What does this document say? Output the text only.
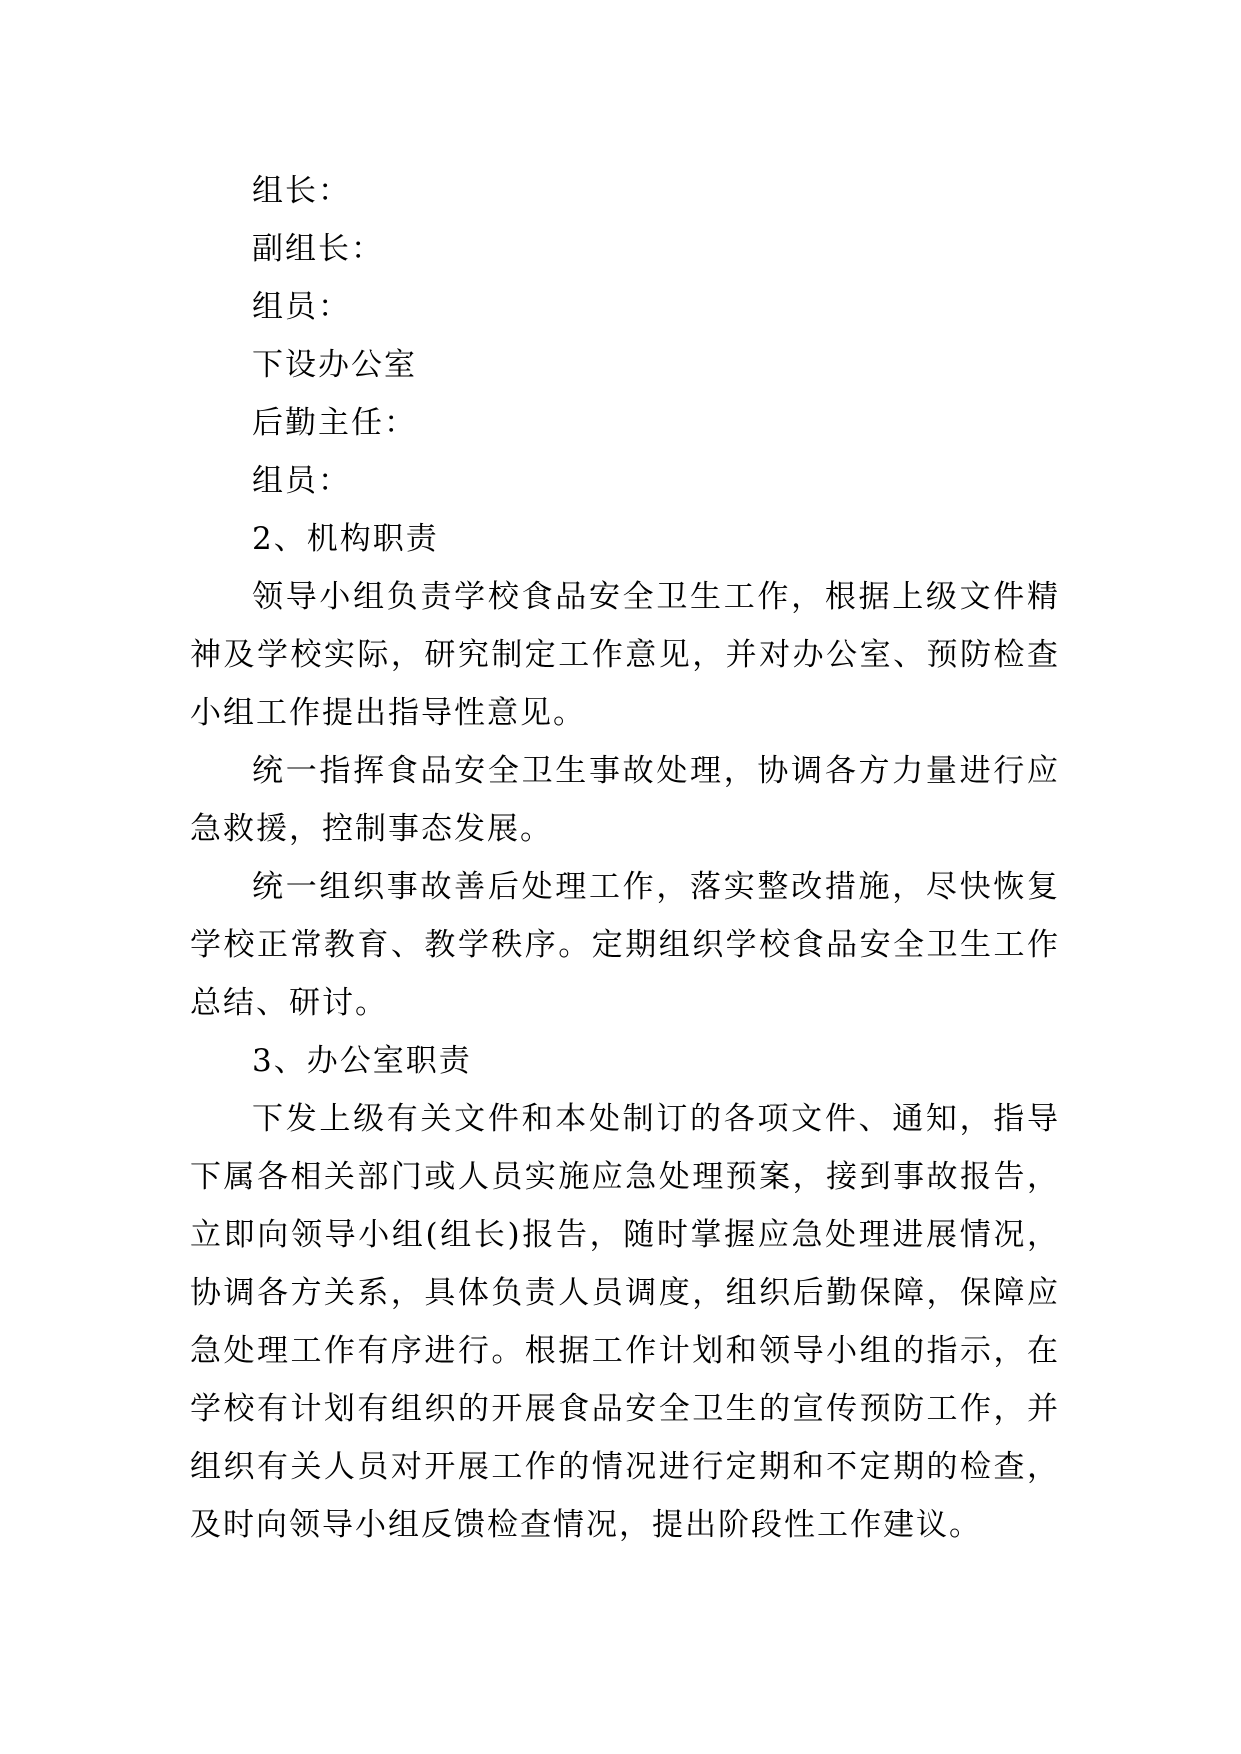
组长：

副组长：

组员：

下设办公室

后勤主任：

组员：

2、机构职责

领导小组负责学校食品安全卫生工作，根据上级文件精神及学校实际，研究制定工作意见，并对办公室、预防检查小组工作提出指导性意见。

统一指挥食品安全卫生事故处理，协调各方力量进行应急救援，控制事态发展。

统一组织事故善后处理工作，落实整改措施，尽快恢复学校正常教育、教学秩序。定期组织学校食品安全卫生工作总结、研讨。

3、办公室职责

下发上级有关文件和本处制订的各项文件、通知，指导下属各相关部门或人员实施应急处理预案，接到事故报告，立即向领导小组(组长)报告，随时掌握应急处理进展情况，协调各方关系，具体负责人员调度，组织后勤保障，保障应急处理工作有序进行。根据工作计划和领导小组的指示，在学校有计划有组织的开展食品安全卫生的宣传预防工作，并组织有关人员对开展工作的情况进行定期和不定期的检查，及时向领导小组反馈检查情况，提出阶段性工作建议。
